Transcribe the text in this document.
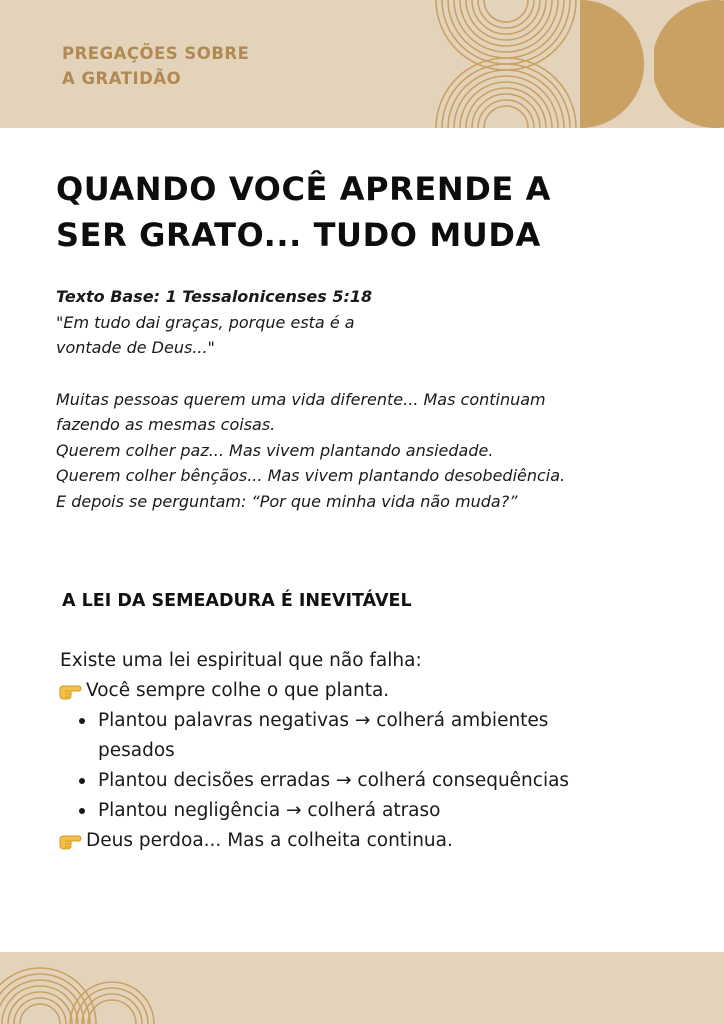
PREGAÇÕES SOBRE
A GRATIDÃO
QUANDO VOCÊ APRENDE A
SER GRATO... TUDO MUDA
Texto Base: 1 Tessalonicenses 5:18
"Em tudo dai graças, porque esta é a
vontade de Deus..."
Muitas pessoas querem uma vida diferente... Mas continuam
fazendo as mesmas coisas.
Querem colher paz... Mas vivem plantando ansiedade.
Querem colher bênçãos... Mas vivem plantando desobediência.
E depois se perguntam: “Por que minha vida não muda?”
A LEI DA SEMEADURA É INEVITÁVEL
Existe uma lei espiritual que não falha:
Você sempre colhe o que planta.
Plantou palavras negativas → colherá ambientes pesados
Plantou decisões erradas → colherá consequências
Plantou negligência → colherá atraso
Deus perdoa... Mas a colheita continua.
